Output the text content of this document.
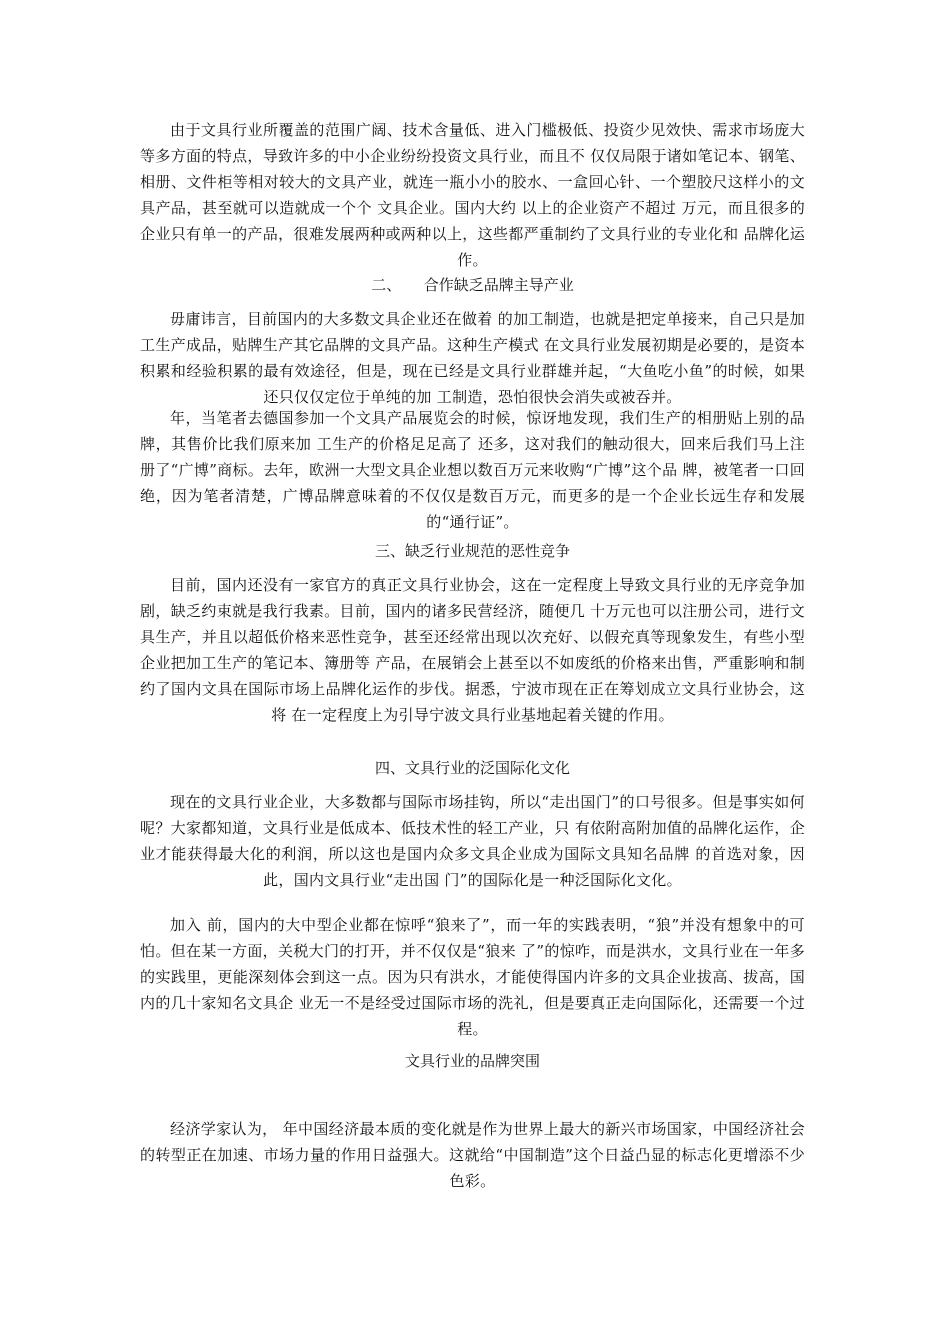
由于文具行业所覆盖的范围广阔、技术含量低、进入门槛极低、投资少见效快、需求市场庞大等多方面的特点，导致许多的中小企业纷纷投资文具行业，而且不 仅仅局限于诸如笔记本、钢笔、相册、文件柜等相对较大的文具产业，就连一瓶小小的胶水、一盒回心针、一个塑胶尺这样小的文具产品，甚至就可以造就成一个个 文具企业。国内大约 以上的企业资产不超过 万元，而且很多的企业只有单一的产品，很难发展两种或两种以上，这些都严重制约了文具行业的专业化和 品牌化运作。

二、　　合作缺乏品牌主导产业

毋庸讳言，目前国内的大多数文具企业还在做着 的加工制造，也就是把定单接来，自己只是加工生产成品，贴牌生产其它品牌的文具产品。这种生产模式 在文具行业发展初期是必要的，是资本积累和经验积累的最有效途径，但是，现在已经是文具行业群雄并起，“大鱼吃小鱼”的时候，如果还只仅仅定位于单纯的加 工制造，恐怕很快会消失或被吞并。

年，当笔者去德国参加一个文具产品展览会的时候，惊讶地发现，我们生产的相册贴上别的品牌，其售价比我们原来加 工生产的价格足足高了 还多，这对我们的触动很大，回来后我们马上注册了“广博”商标。去年，欧洲一大型文具企业想以数百万元来收购“广博”这个品 牌，被笔者一口回绝，因为笔者清楚，广博品牌意味着的不仅仅是数百万元，而更多的是一个企业长远生存和发展的“通行证”。

三、缺乏行业规范的恶性竞争

目前，国内还没有一家官方的真正文具行业协会，这在一定程度上导致文具行业的无序竞争加剧，缺乏约束就是我行我素。目前，国内的诸多民营经济，随便几 十万元也可以注册公司，进行文具生产，并且以超低价格来恶性竞争，甚至还经常出现以次充好、以假充真等现象发生，有些小型企业把加工生产的笔记本、簿册等 产品，在展销会上甚至以不如废纸的价格来出售，严重影响和制约了国内文具在国际市场上品牌化运作的步伐。据悉，宁波市现在正在筹划成立文具行业协会，这将 在一定程度上为引导宁波文具行业基地起着关键的作用。

四、文具行业的泛国际化文化

现在的文具行业企业，大多数都与国际市场挂钩，所以“走出国门”的口号很多。但是事实如何呢？大家都知道，文具行业是低成本、低技术性的轻工产业，只 有依附高附加值的品牌化运作，企业才能获得最大化的利润，所以这也是国内众多文具企业成为国际文具知名品牌 的首选对象，因此，国内文具行业“走出国 门”的国际化是一种泛国际化文化。

加入 前，国内的大中型企业都在惊呼“狼来了”，而一年的实践表明，“狼”并没有想象中的可怕。但在某一方面，关税大门的打开，并不仅仅是“狼来 了”的惊咋，而是洪水，文具行业在一年多的实践里，更能深刻体会到这一点。因为只有洪水，才能使得国内许多的文具企业拔高、拔高，国内的几十家知名文具企 业无一不是经受过国际市场的洗礼，但是要真正走向国际化，还需要一个过程。

文具行业的品牌突围

经济学家认为， 年中国经济最本质的变化就是作为世界上最大的新兴市场国家，中国经济社会的转型正在加速、市场力量的作用日益强大。这就给“中国制造”这个日益凸显的标志化更增添不少色彩。
